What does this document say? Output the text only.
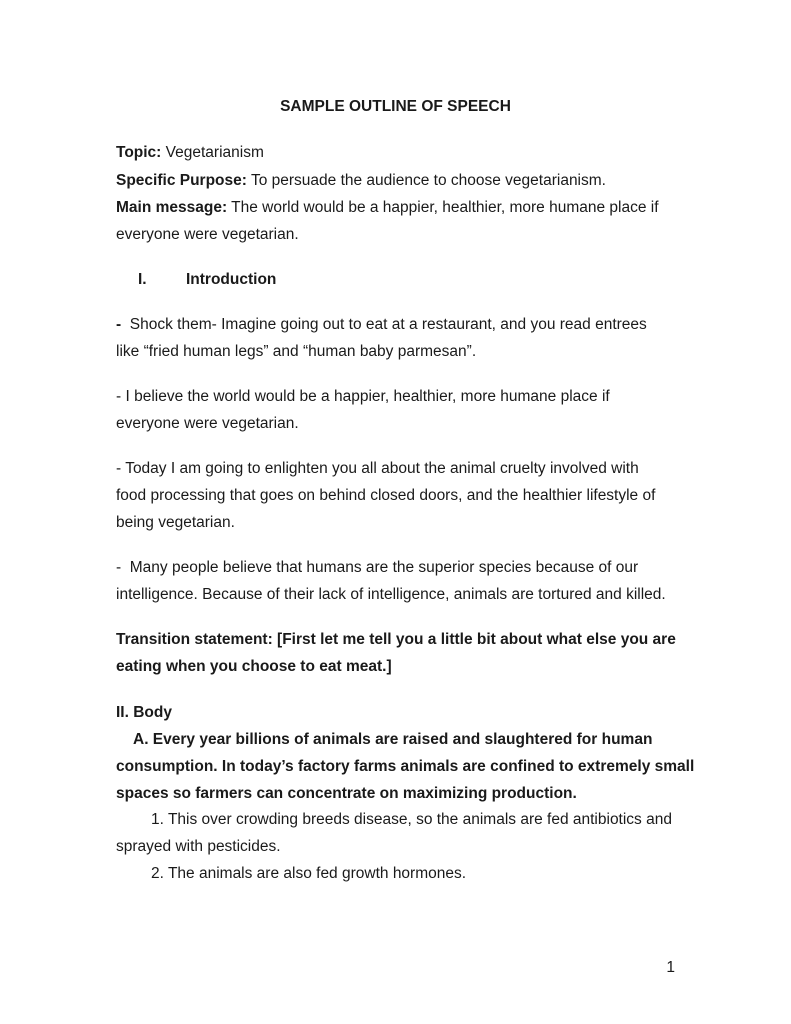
SAMPLE OUTLINE OF SPEECH
Topic: Vegetarianism
Specific Purpose: To persuade the audience to choose vegetarianism.
Main message: The world would be a happier, healthier, more humane place if
everyone were vegetarian.
I.	Introduction
-  Shock them- Imagine going out to eat at a restaurant, and you read entrees
like “fried human legs” and “human baby parmesan”.
- I believe the world would be a happier, healthier, more humane place if
everyone were vegetarian.
- Today I am going to enlighten you all about the animal cruelty involved with
food processing that goes on behind closed doors, and the healthier lifestyle of
being vegetarian.
-  Many people believe that humans are the superior species because of our
intelligence. Because of their lack of intelligence, animals are tortured and killed.
Transition statement: [First let me tell you a little bit about what else you are
eating when you choose to eat meat.]
II. Body
A. Every year billions of animals are raised and slaughtered for human
consumption. In today’s factory farms animals are confined to extremely small
spaces so farmers can concentrate on maximizing production.
1. This over crowding breeds disease, so the animals are fed antibiotics and
sprayed with pesticides.
2. The animals are also fed growth hormones.
1
